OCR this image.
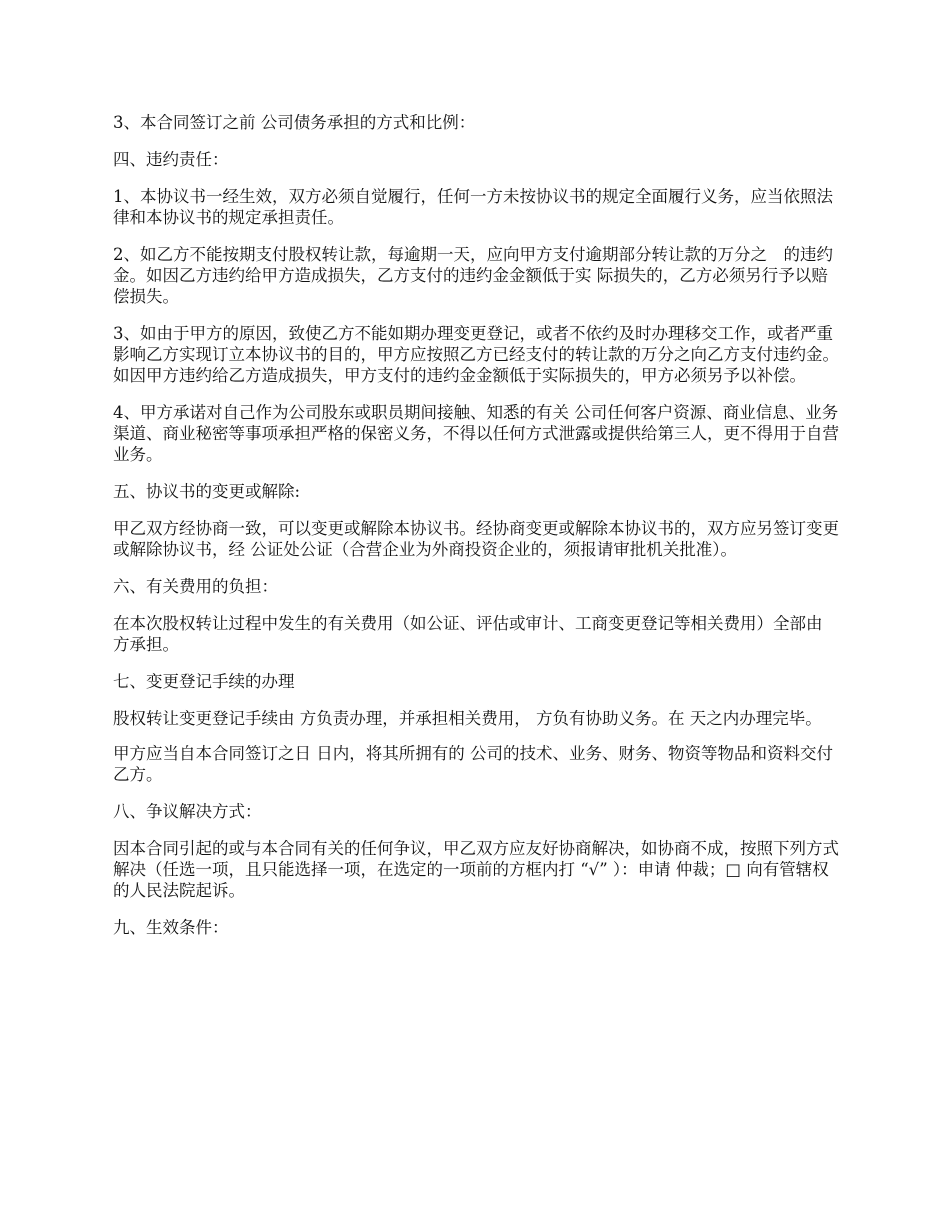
3、本合同签订之前 公司债务承担的方式和比例：

四、违约责任：

1、本协议书一经生效，双方必须自觉履行，任何一方未按协议书的规定全面履行义务，应当依照法律和本协议书的规定承担责任。

2、如乙方不能按期支付股权转让款，每逾期一天，应向甲方支付逾期部分转让款的万分之　的违约金。如因乙方违约给甲方造成损失，乙方支付的违约金金额低于实 际损失的，乙方必须另行予以赔偿损失。

3、如由于甲方的原因，致使乙方不能如期办理变更登记，或者不依约及时办理移交工作，或者严重影响乙方实现订立本协议书的目的，甲方应按照乙方已经支付的转让款的万分之向乙方支付违约金。如因甲方违约给乙方造成损失，甲方支付的违约金金额低于实际损失的，甲方必须另予以补偿。

4、甲方承诺对自己作为公司股东或职员期间接触、知悉的有关 公司任何客户资源、商业信息、业务渠道、商业秘密等事项承担严格的保密义务，不得以任何方式泄露或提供给第三人，更不得用于自营业务。

五、协议书的变更或解除:

甲乙双方经协商一致，可以变更或解除本协议书。经协商变更或解除本协议书的，双方应另签订变更或解除协议书，经 公证处公证（合营企业为外商投资企业的，须报请审批机关批准）。

六、有关费用的负担：

在本次股权转让过程中发生的有关费用（如公证、评估或审计、工商变更登记等相关费用）全部由　方承担。

七、变更登记手续的办理

股权转让变更登记手续由 方负责办理，并承担相关费用， 方负有协助义务。在 天之内办理完毕。

甲方应当自本合同签订之日 日内，将其所拥有的 公司的技术、业务、财务、物资等物品和资料交付乙方。

八、争议解决方式：

因本合同引起的或与本合同有关的任何争议，甲乙双方应友好协商解决，如协商不成，按照下列方式解决（任选一项，且只能选择一项，在选定的一项前的方框内打 “√” ）：申请 仲裁；□ 向有管辖权的人民法院起诉。

九、生效条件：
